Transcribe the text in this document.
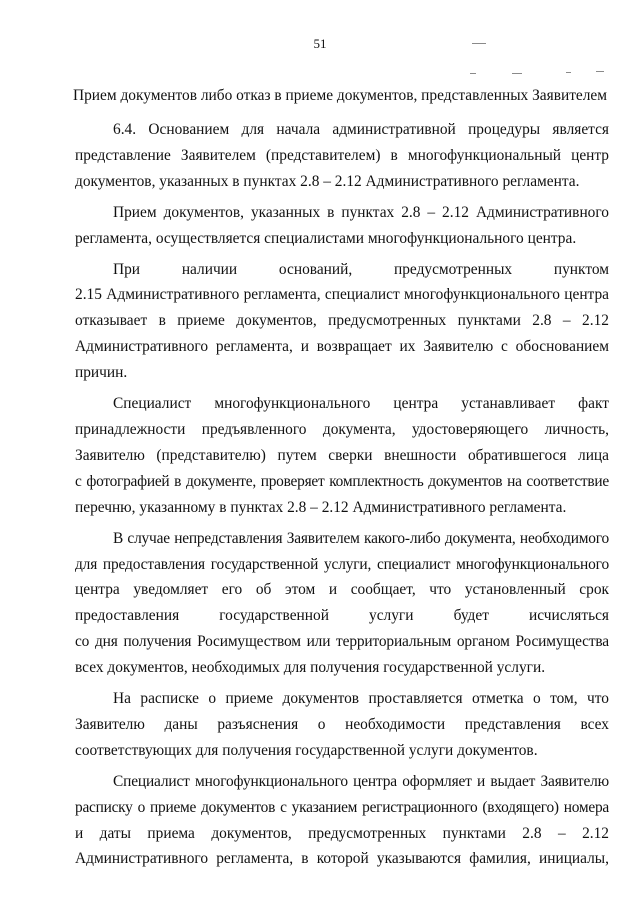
51
Прием документов либо отказ в приеме документов, представленных Заявителем
6.4. Основанием для начала административной процедуры является
представление Заявителем (представителем) в многофункциональный центр
документов, указанных в пунктах 2.8 – 2.12 Административного регламента.
Прием документов, указанных в пунктах 2.8 – 2.12 Административного
регламента, осуществляется специалистами многофункционального центра.
При наличии оснований, предусмотренных пунктом
2.15 Административного регламента, специалист многофункционального центра
отказывает в приеме документов, предусмотренных пунктами 2.8 – 2.12
Административного регламента, и возвращает их Заявителю с обоснованием
причин.
Специалист многофункционального центра устанавливает факт
принадлежности предъявленного документа, удостоверяющего личность,
Заявителю (представителю) путем сверки внешности обратившегося лица
с фотографией в документе, проверяет комплектность документов на соответствие
перечню, указанному в пунктах 2.8 – 2.12 Административного регламента.
В случае непредставления Заявителем какого-либо документа, необходимого
для предоставления государственной услуги, специалист многофункционального
центра уведомляет его об этом и сообщает, что установленный срок
предоставления государственной услуги будет исчисляться
со дня получения Росимуществом или территориальным органом Росимущества
всех документов, необходимых для получения государственной услуги.
На расписке о приеме документов проставляется отметка о том, что
Заявителю даны разъяснения о необходимости представления всех
соответствующих для получения государственной услуги документов.
Специалист многофункционального центра оформляет и выдает Заявителю
расписку о приеме документов с указанием регистрационного (входящего) номера
и даты приема документов, предусмотренных пунктами 2.8 – 2.12
Административного регламента, в которой указываются фамилия, инициалы,
